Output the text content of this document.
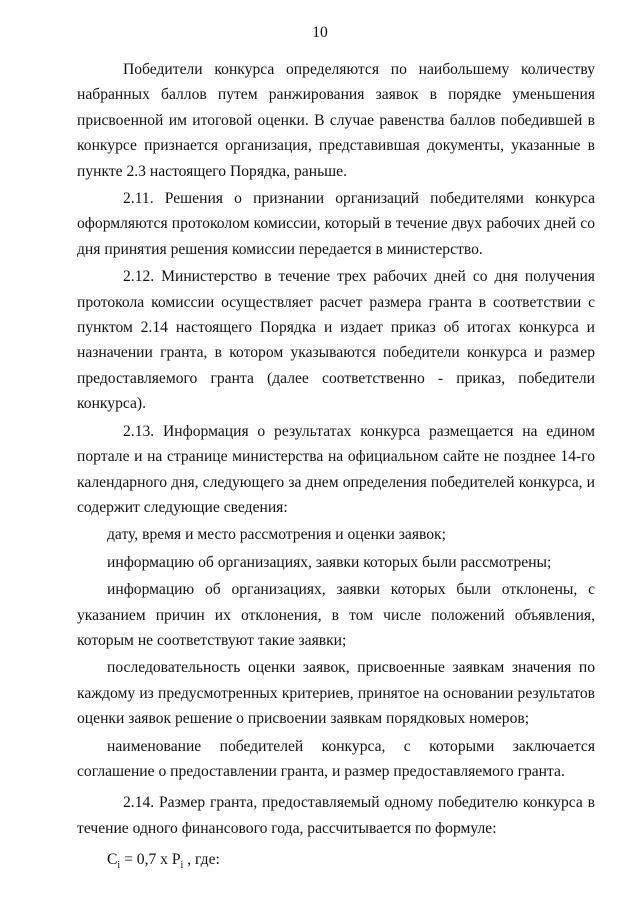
10

Победители конкурса определяются по наибольшему количеству набранных баллов путем ранжирования заявок в порядке уменьшения присвоенной им итоговой оценки. В случае равенства баллов победившей в конкурсе признается организация, представившая документы, указанные в пункте 2.3 настоящего Порядка, раньше.

2.11. Решения о признании организаций победителями конкурса оформляются протоколом комиссии, который в течение двух рабочих дней со дня принятия решения комиссии передается в министерство.

2.12. Министерство в течение трех рабочих дней со дня получения протокола комиссии осуществляет расчет размера гранта в соответствии с пунктом 2.14 настоящего Порядка и издает приказ об итогах конкурса и назначении гранта, в котором указываются победители конкурса и размер предоставляемого гранта (далее соответственно - приказ, победители конкурса).

2.13. Информация о результатах конкурса размещается на едином портале и на странице министерства на официальном сайте не позднее 14-го календарного дня, следующего за днем определения победителей конкурса, и содержит следующие сведения:

дату, время и место рассмотрения и оценки заявок;

информацию об организациях, заявки которых были рассмотрены;

информацию об организациях, заявки которых были отклонены, с указанием причин их отклонения, в том числе положений объявления, которым не соответствуют такие заявки;

последовательность оценки заявок, присвоенные заявкам значения по каждому из предусмотренных критериев, принятое на основании результатов оценки заявок решение о присвоении заявкам порядковых номеров;

наименование победителей конкурса, с которыми заключается соглашение о предоставлении гранта, и размер предоставляемого гранта.

2.14. Размер гранта, предоставляемый одному победителю конкурса в течение одного финансового года, рассчитывается по формуле:

$C_i = 0,7$ x $P_i$ , где:
